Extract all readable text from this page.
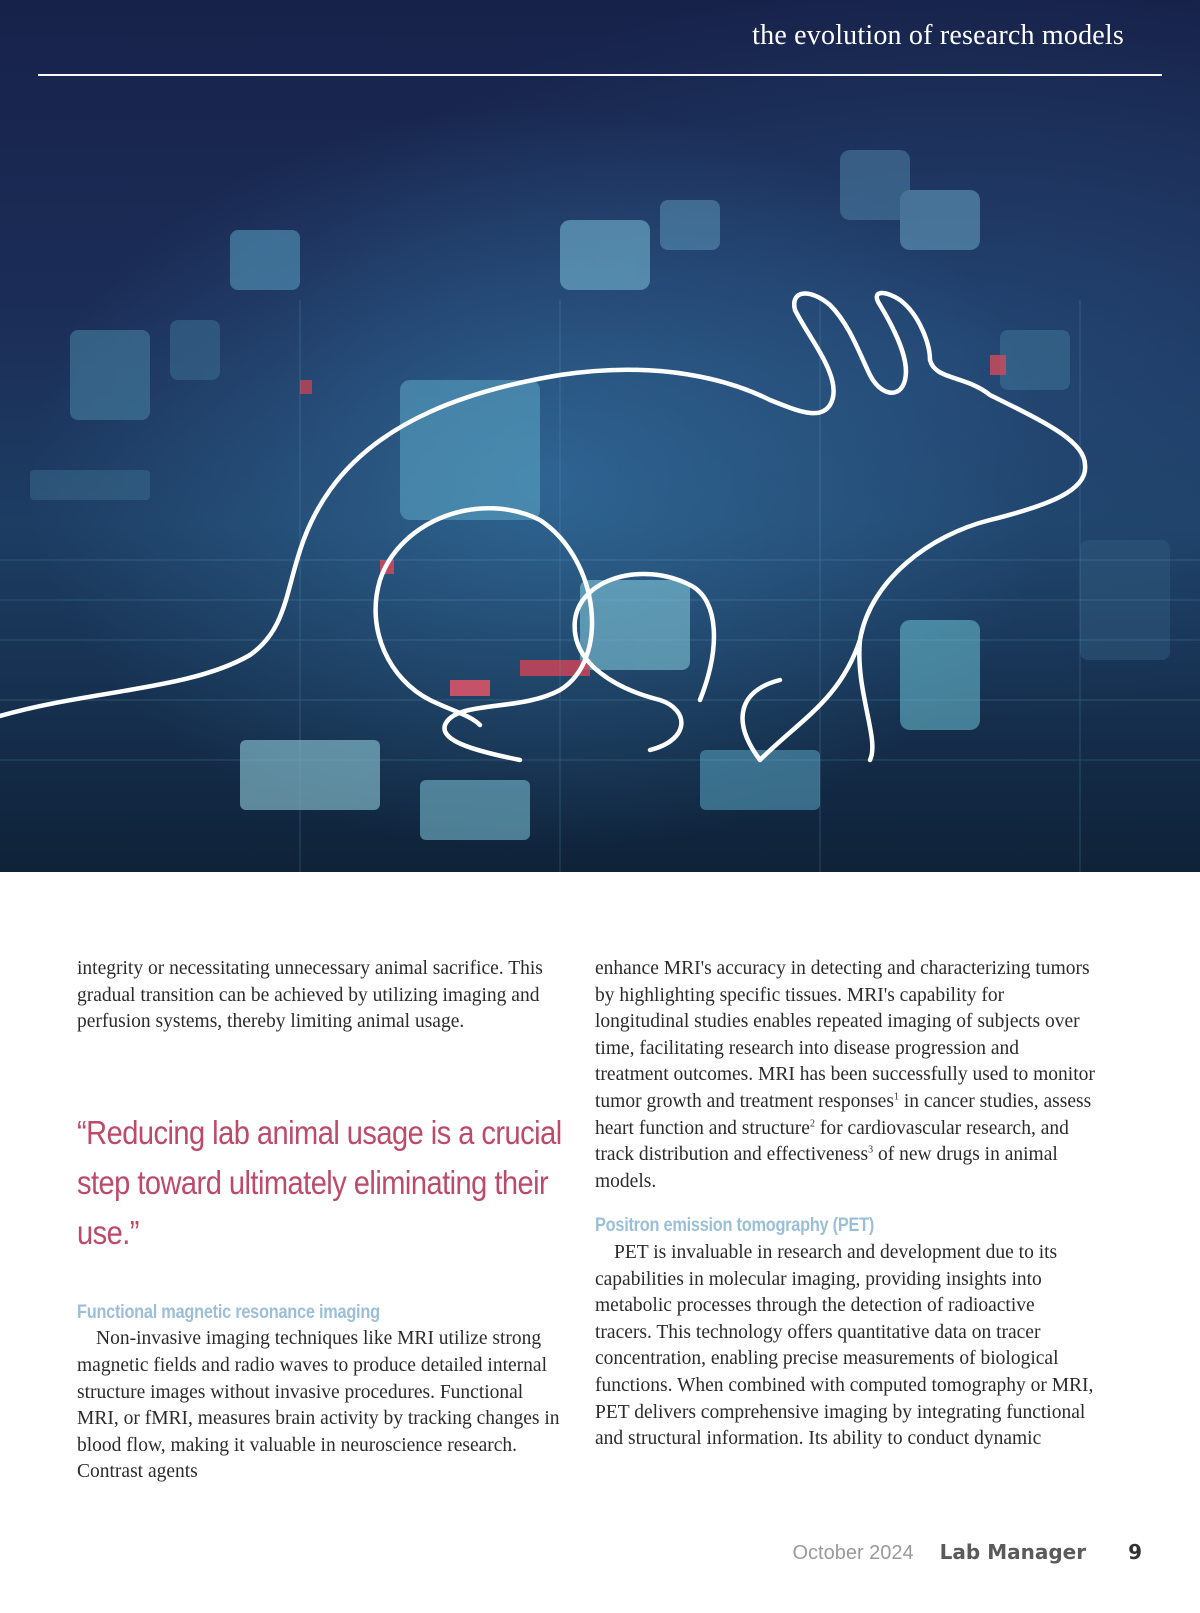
the evolution of research models

integrity or necessitating unnecessary animal sacrifice. This gradual transition can be achieved by utilizing imaging and perfusion systems, thereby limiting animal usage.

“Reducing lab animal usage is a crucial step toward ultimately eliminating their use.”
Functional magnetic resonance imaging

Non-invasive imaging techniques like MRI utilize strong magnetic fields and radio waves to produce detailed internal structure images without invasive procedures. Functional MRI, or fMRI, measures brain activity by tracking changes in blood flow, making it valuable in neuroscience research. Contrast agents

enhance MRI's accuracy in detecting and characterizing tumors by highlighting specific tissues. MRI's capability for longitudinal studies enables repeated imaging of subjects over time, facilitating research into disease progression and treatment outcomes. MRI has been successfully used to monitor tumor growth and treatment responses$^1$ in cancer studies, assess heart function and structure$^2$ for cardiovascular research, and track distribution and effectiveness$^3$ of new drugs in animal models.

Positron emission tomography (PET)

PET is invaluable in research and development due to its capabilities in molecular imaging, providing insights into metabolic processes through the detection of radioactive tracers. This technology offers quantitative data on tracer concentration, enabling precise measurements of biological functions. When combined with computed tomography or MRI, PET delivers comprehensive imaging by integrating functional and structural information. Its ability to conduct dynamic

October 2024 Lab Manager 9
